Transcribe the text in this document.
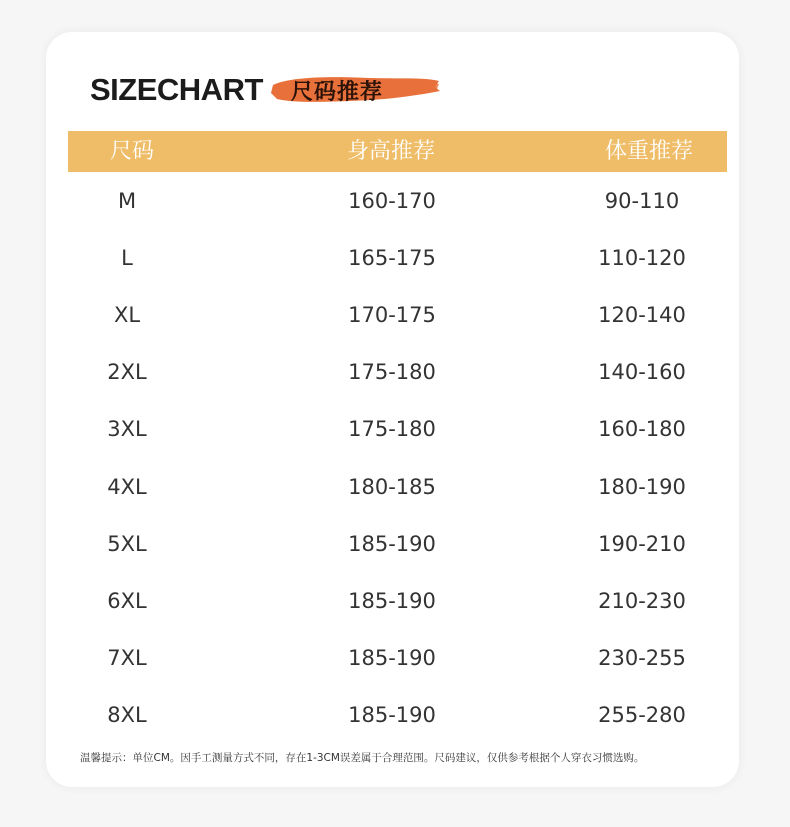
SIZECHART	尺码推荐
尺码	身高推荐	体重推荐
M	160-170	90-110
L	165-175	110-120
XL	170-175	120-140
2XL	175-180	140-160
3XL	175-180	160-180
4XL	180-185	180-190
5XL	185-190	190-210
6XL	185-190	210-230
7XL	185-190	230-255
8XL	185-190	255-280
温馨提示：单位CM。因手工测量方式不同，存在1-3CM误差属于合理范围。尺码建议，仅供参考根据个人穿衣习惯选购。
